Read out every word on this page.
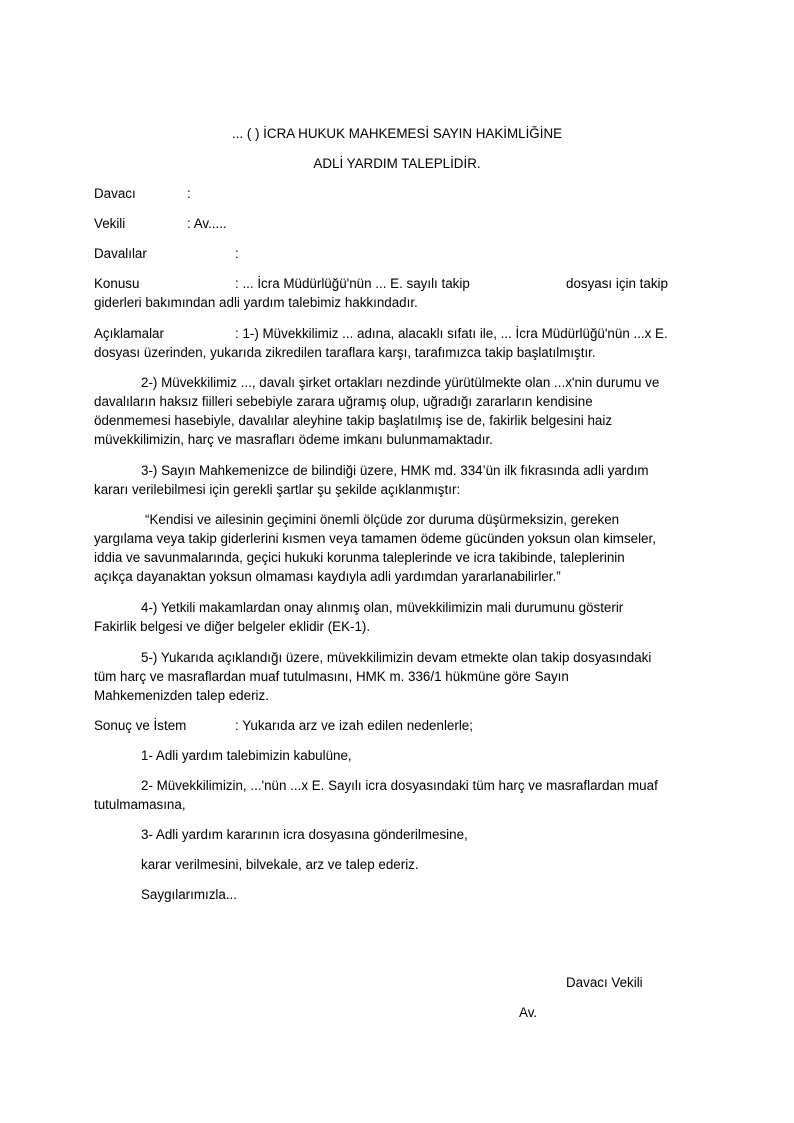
... ( ) İCRA HUKUK MAHKEMESİ SAYIN HAKİMLİĞİNE
ADLİ YARDIM TALEPLİDİR.
Davacı	:
Vekili	: Av.....
Davalılar	:
Konusu	: ... İcra Müdürlüğü'nün ... E. sayılı takip	dosyası için takip
giderleri bakımından adli yardım talebimiz hakkındadır.
Açıklamalar	: 1-) Müvekkilimiz ... adına, alacaklı sıfatı ile, ... İcra Müdürlüğü'nün ...x E.
dosyası üzerinden, yukarıda zikredilen taraflara karşı, tarafımızca takip başlatılmıştır.
2-) Müvekkilimiz ..., davalı şirket ortakları nezdinde yürütülmekte olan ...x'nin durumu ve
davalıların haksız fiilleri sebebiyle zarara uğramış olup, uğradığı zararların kendisine
ödenmemesi hasebiyle, davalılar aleyhine takip başlatılmış ise de, fakirlik belgesini haiz
müvekkilimizin, harç ve masrafları ödeme imkanı bulunmamaktadır.
3-) Sayın Mahkemenizce de bilindiği üzere, HMK md. 334’ün ilk fıkrasında adli yardım
kararı verilebilmesi için gerekli şartlar şu şekilde açıklanmıştır:
“Kendisi ve ailesinin geçimini önemli ölçüde zor duruma düşürmeksizin, gereken
yargılama veya takip giderlerini kısmen veya tamamen ödeme gücünden yoksun olan kimseler,
iddia ve savunmalarında, geçici hukuki korunma taleplerinde ve icra takibinde, taleplerinin
açıkça dayanaktan yoksun olmaması kaydıyla adli yardımdan yararlanabilirler.”
4-) Yetkili makamlardan onay alınmış olan, müvekkilimizin mali durumunu gösterir
Fakirlik belgesi ve diğer belgeler eklidir (EK-1).
5-) Yukarıda açıklandığı üzere, müvekkilimizin devam etmekte olan takip dosyasındaki
tüm harç ve masraflardan muaf tutulmasını, HMK m. 336/1 hükmüne göre Sayın
Mahkemenizden talep ederiz.
Sonuç ve İstem	: Yukarıda arz ve izah edilen nedenlerle;
1- Adli yardım talebimizin kabulüne,
2- Müvekkilimizin, ...'nün ...x E. Sayılı icra dosyasındaki tüm harç ve masraflardan muaf
tutulmamasına,
3- Adli yardım kararının icra dosyasına gönderilmesine,
karar verilmesini, bilvekale, arz ve talep ederiz.
Saygılarımızla...
Davacı Vekili
Av.
